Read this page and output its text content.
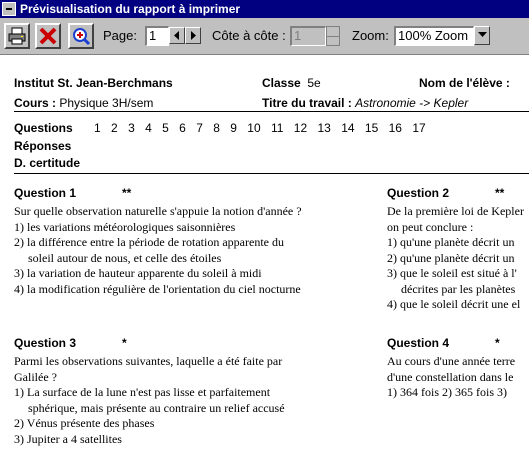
Prévisualisation du rapport à imprimer
Page: 1	Côte à côte : 1	Zoom: 100% Zoom
Institut St. Jean-Berchmans	Classe 5e	Nom de l'élève :
Cours : Physique 3H/sem	Titre du travail : Astronomie -> Kepler
Questions 1 2 3 4 5 6 7 8 9 10 11 12 13 14 15 16 17
Réponses
D. certitude
Question 1	**
Sur quelle observation naturelle s'appuie la notion d'année ?
1) les variations météorologiques saisonnières
2) la différence entre la période de rotation apparente du
soleil autour de nous, et celle des étoiles
3) la variation de hauteur apparente du soleil à midi
4) la modification régulière de l'orientation du ciel nocturne
Question 2	**
De la première loi de Kepler
on peut conclure :
1) qu'une planète décrit un
2) qu'une planète décrit un
3) que le soleil est situé à l'
décrites par les planètes
4) que le soleil décrit une el
Question 3	*
Parmi les observations suivantes, laquelle a été faite par
Galilée ?
1) La surface de la lune n'est pas lisse et parfaitement
sphérique, mais présente au contraire un relief accusé
2) Vénus présente des phases
3) Jupiter a 4 satellites
Question 4	*
Au cours d'une année terre
d'une constellation dans le
1) 364 fois 2) 365 fois 3)
